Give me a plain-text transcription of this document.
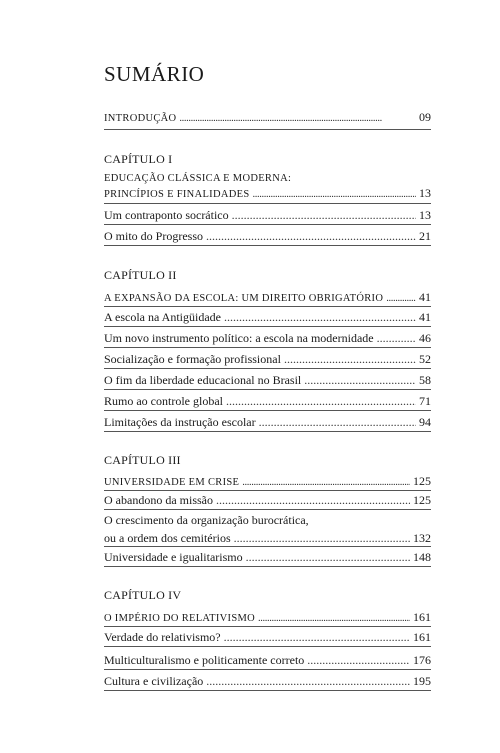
SUMÁRIO
INTRODUÇÃO . . .	09
CAPÍTULO I
EDUCAÇÃO CLÁSSICA E MODERNA:
PRINCÍPIOS E FINALIDADES . . .	13
Um contraponto socrático . . .	13
O mito do Progresso . . .	21
CAPÍTULO II
A EXPANSÃO DA ESCOLA: UM DIREITO OBRIGATÓRIO . . .	41
A escola na Antigüidade . . .	41
Um novo instrumento político: a escola na modernidade . . .	46
Socialização e formação profissional . . .	52
O fim da liberdade educacional no Brasil . . .	58
Rumo ao controle global . . .	71
Limitações da instrução escolar . . .	94
CAPÍTULO III
UNIVERSIDADE EM CRISE . . .	125
O abandono da missão . . .	125
O crescimento da organização burocrática,
ou a ordem dos cemitérios . . .	132
Universidade e igualitarismo . . .	148
CAPÍTULO IV
O IMPÉRIO DO RELATIVISMO . . .	161
Verdade do relativismo? . . .	161
Multiculturalismo e politicamente correto . . .	176
Cultura e civilização . . .	195
